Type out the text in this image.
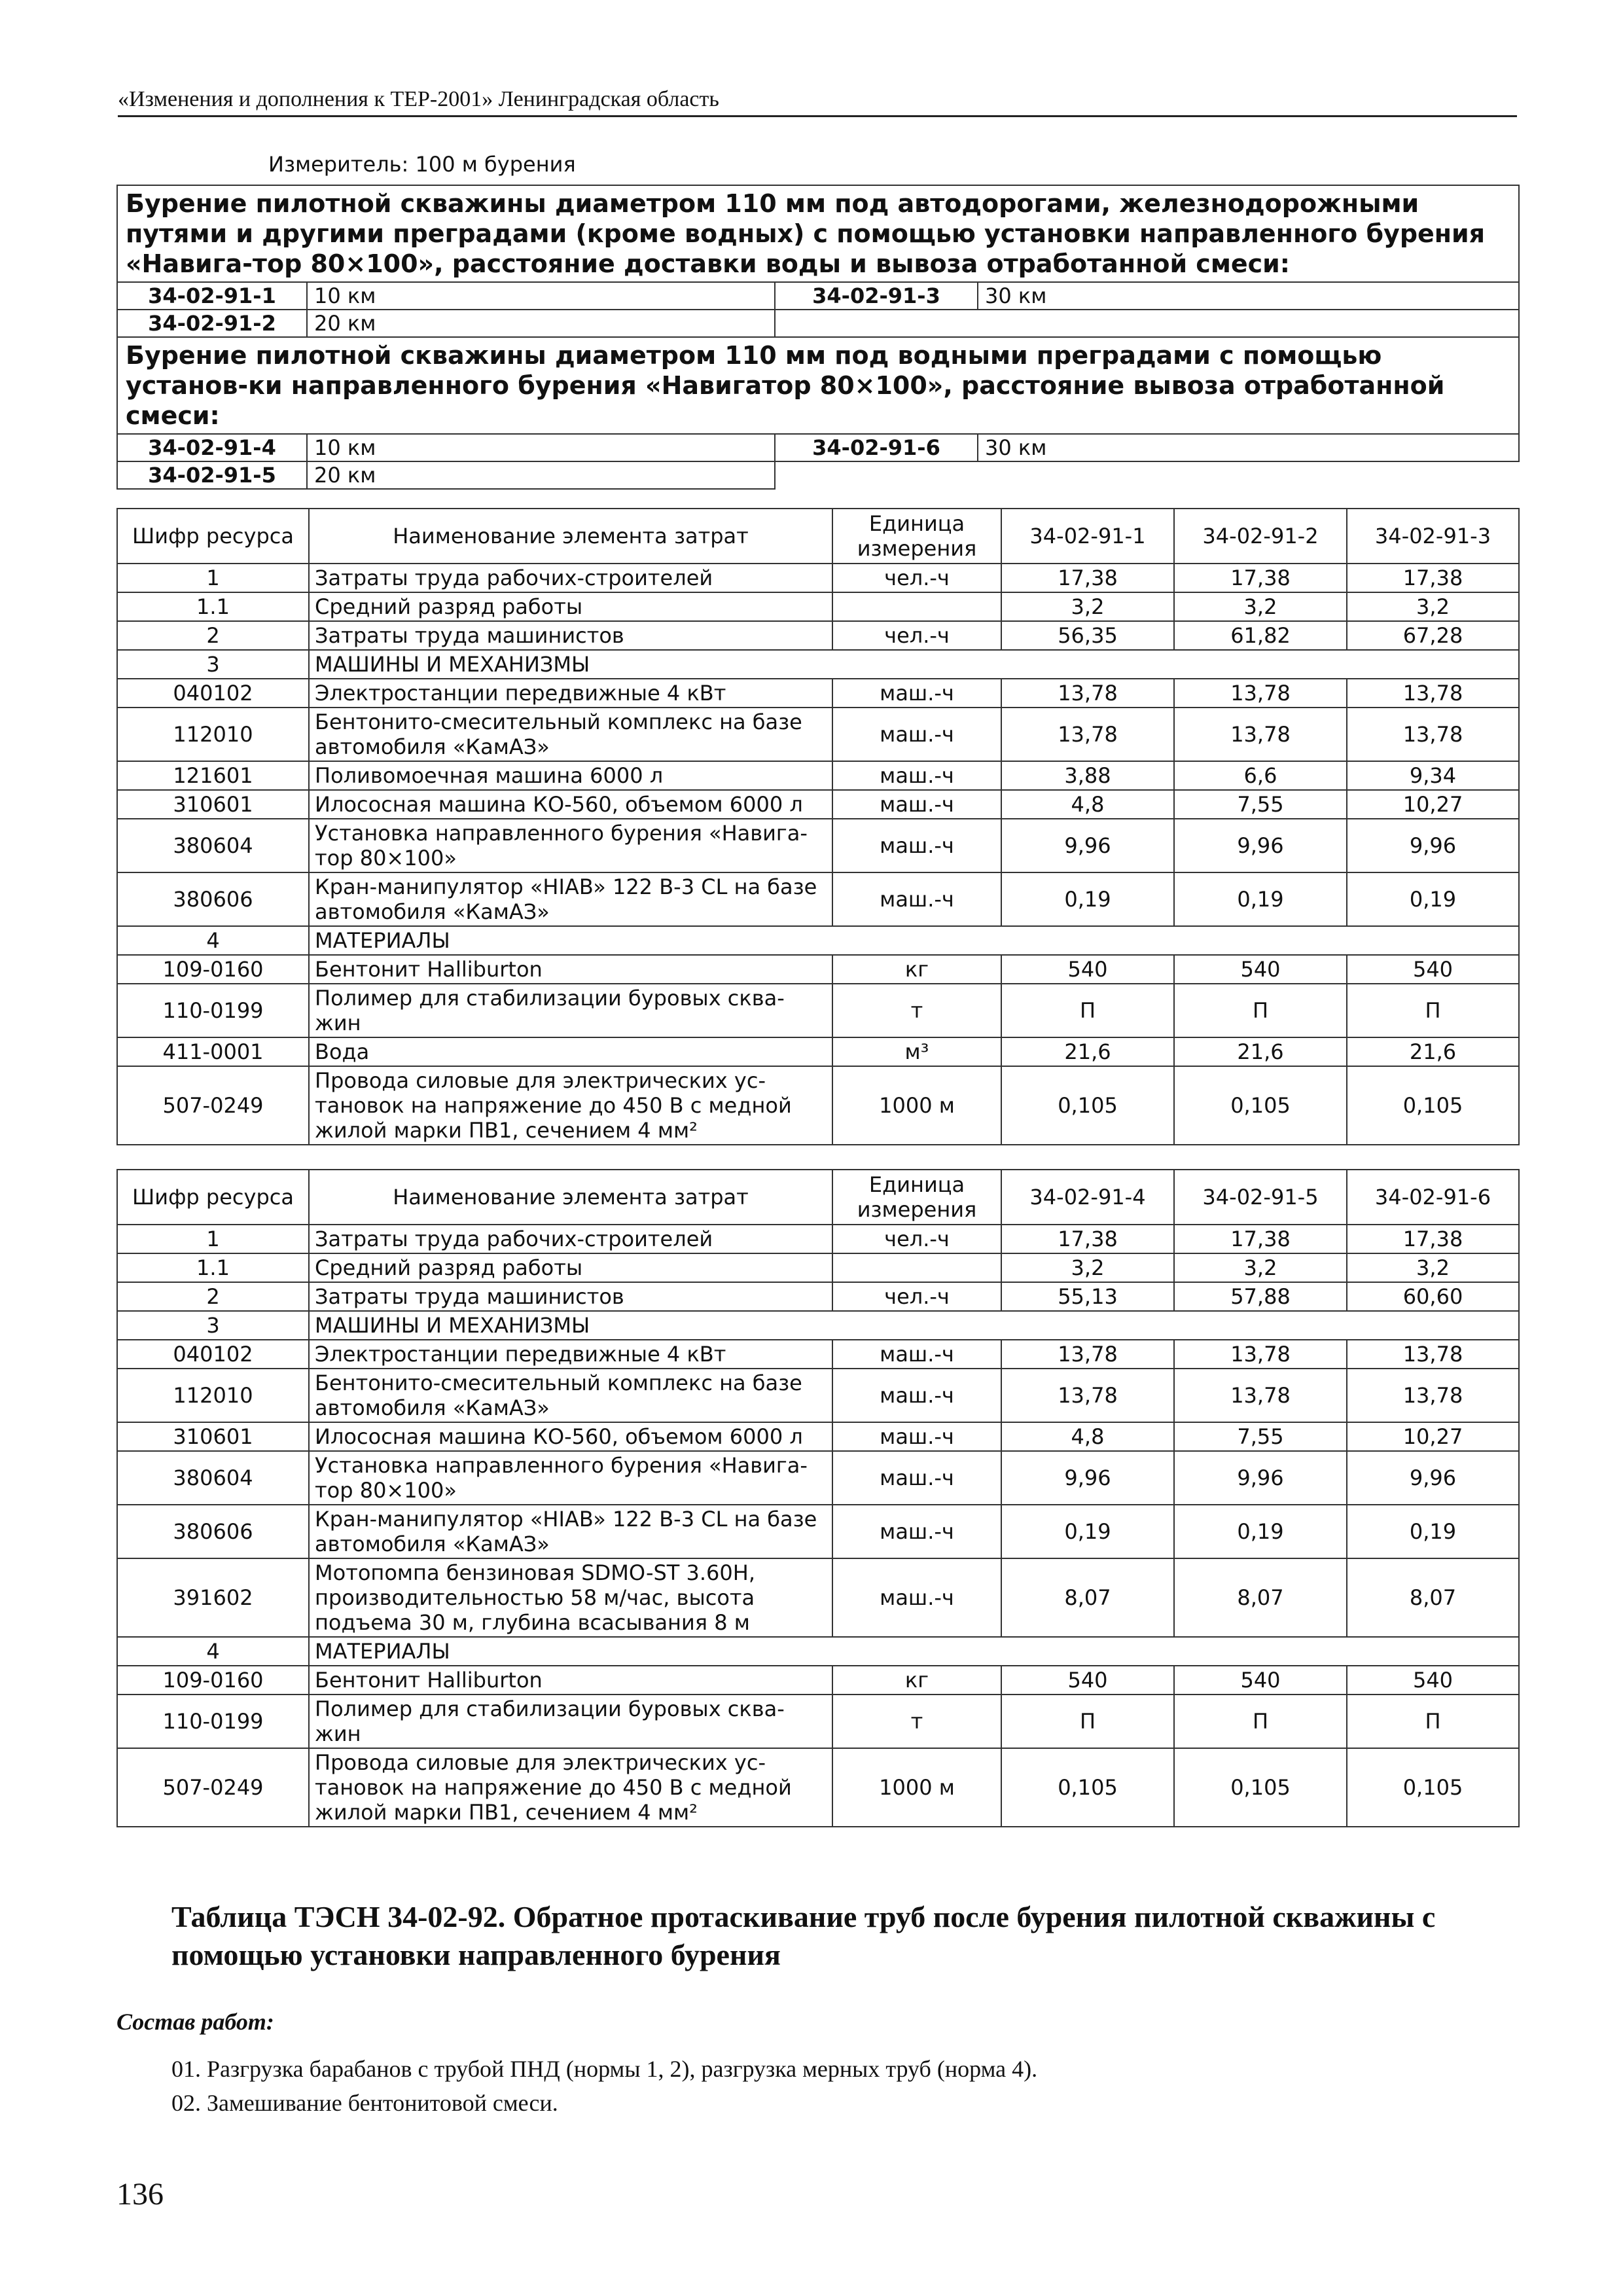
«Изменения и дополнения к ТЕР-2001» Ленинградская область
Измеритель: 100 м бурения
Бурение пилотной скважины диаметром 110 мм под автодорогами, железнодорожными путями и другими преградами (кроме водных) с помощью установки направленного бурения «Навига-тор 80×100», расстояние доставки воды и вывоза отработанной смеси:			
34-02-91-1	10 км	34-02-91-3	30 км
34-02-91-2	20 км		
Бурение пилотной скважины диаметром 110 мм под водными преградами с помощью установ-ки направленного бурения «Навигатор 80×100», расстояние вывоза отработанной смеси:			
34-02-91-4	10 км	34-02-91-6	30 км
34-02-91-5	20 км		
Шифр ресурса	Наименование элемента затрат	Единица измерения	34-02-91-1	34-02-91-2	34-02-91-3
1	Затраты труда рабочих-строителей	чел.-ч	17,38	17,38	17,38
1.1	Средний разряд работы		3,2	3,2	3,2
2	Затраты труда машинистов	чел.-ч	56,35	61,82	67,28
3	МАШИНЫ И МЕХАНИЗМЫ				
040102	Электростанции передвижные 4 кВт	маш.-ч	13,78	13,78	13,78
112010	Бентонито-смесительный комплекс на базе автомобиля «КамАЗ»	маш.-ч	13,78	13,78	13,78
121601	Поливомоечная машина 6000 л	маш.-ч	3,88	6,6	9,34
310601	Илососная машина КО-560, объемом 6000 л	маш.-ч	4,8	7,55	10,27
380604	Установка направленного бурения «Навига-тор 80×100»	маш.-ч	9,96	9,96	9,96
380606	Кран-манипулятор «HIAB» 122 B-3 CL на базе автомобиля «КамАЗ»	маш.-ч	0,19	0,19	0,19
4	МАТЕРИАЛЫ				
109-0160	Бентонит Halliburton	кг	540	540	540
110-0199	Полимер для стабилизации буровых сква-жин	т	П	П	П
411-0001	Вода	м³	21,6	21,6	21,6
507-0249	Провода силовые для электрических ус-тановок на напряжение до 450 В с медной жилой марки ПВ1, сечением 4 мм²	1000 м	0,105	0,105	0,105
Шифр ресурса	Наименование элемента затрат	Единица измерения	34-02-91-4	34-02-91-5	34-02-91-6
1	Затраты труда рабочих-строителей	чел.-ч	17,38	17,38	17,38
1.1	Средний разряд работы		3,2	3,2	3,2
2	Затраты труда машинистов	чел.-ч	55,13	57,88	60,60
3	МАШИНЫ И МЕХАНИЗМЫ				
040102	Электростанции передвижные 4 кВт	маш.-ч	13,78	13,78	13,78
112010	Бентонито-смесительный комплекс на базе автомобиля «КамАЗ»	маш.-ч	13,78	13,78	13,78
310601	Илососная машина КО-560, объемом 6000 л	маш.-ч	4,8	7,55	10,27
380604	Установка направленного бурения «Навига-тор 80×100»	маш.-ч	9,96	9,96	9,96
380606	Кран-манипулятор «HIAB» 122 B-3 CL на базе автомобиля «КамАЗ»	маш.-ч	0,19	0,19	0,19
391602	Мотопомпа бензиновая SDMO-ST 3.60H, производительностью 58 м/час, высота подъема 30 м, глубина всасывания 8 м	маш.-ч	8,07	8,07	8,07
4	МАТЕРИАЛЫ				
109-0160	Бентонит Halliburton	кг	540	540	540
110-0199	Полимер для стабилизации буровых сква-жин	т	П	П	П
507-0249	Провода силовые для электрических ус-тановок на напряжение до 450 В с медной жилой марки ПВ1, сечением 4 мм²	1000 м	0,105	0,105	0,105
Таблица ТЭСН 34-02-92. Обратное протаскивание труб после бурения пилотной скважины с помощью установки направленного бурения
Состав работ:
01. Разгрузка барабанов с трубой ПНД (нормы 1, 2), разгрузка мерных труб (норма 4).
02. Замешивание бентонитовой смеси.
136
